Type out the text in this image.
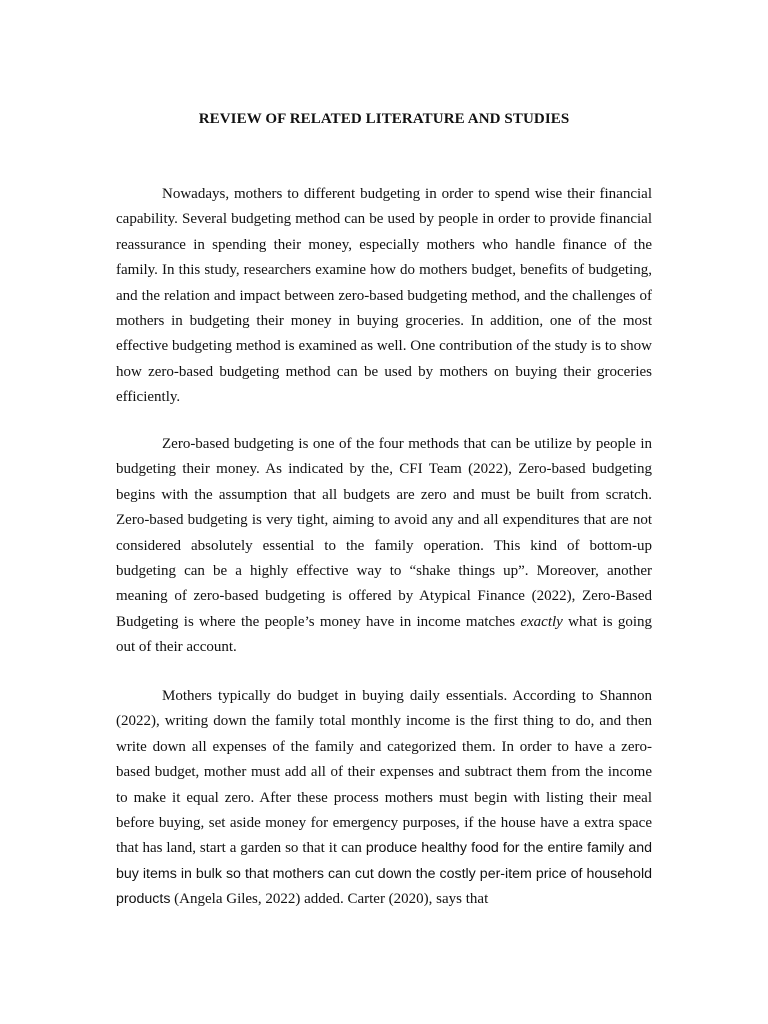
REVIEW OF RELATED LITERATURE AND STUDIES

Nowadays, mothers to different budgeting in order to spend wise their financial capability. Several budgeting method can be used by people in order to provide financial reassurance in spending their money, especially mothers who handle finance of the family. In this study, researchers examine how do mothers budget, benefits of budgeting, and the relation and impact between zero-based budgeting method, and the challenges of mothers in budgeting their money in buying groceries. In addition, one of the most effective budgeting method is examined as well. One contribution of the study is to show how zero-based budgeting method can be used by mothers on buying their groceries efficiently.

Zero-based budgeting is one of the four methods that can be utilize by people in budgeting their money. As indicated by the, CFI Team (2022), Zero-based budgeting begins with the assumption that all budgets are zero and must be built from scratch. Zero-based budgeting is very tight, aiming to avoid any and all expenditures that are not considered absolutely essential to the family operation. This kind of bottom-up budgeting can be a highly effective way to “shake things up”. Moreover, another meaning of zero-based budgeting is offered by Atypical Finance (2022), Zero-Based Budgeting is where the people’s money have in income matches exactly what is going out of their account.

Mothers typically do budget in buying daily essentials. According to Shannon (2022), writing down the family total monthly income is the first thing to do, and then write down all expenses of the family and categorized them. In order to have a zero-based budget, mother must add all of their expenses and subtract them from the income to make it equal zero. After these process mothers must begin with listing their meal before buying, set aside money for emergency purposes, if the house have a extra space that has land, start a garden so that it can produce healthy food for the entire family and buy items in bulk so that mothers can cut down the costly per-item price of household products (Angela Giles, 2022) added. Carter (2020), says that
